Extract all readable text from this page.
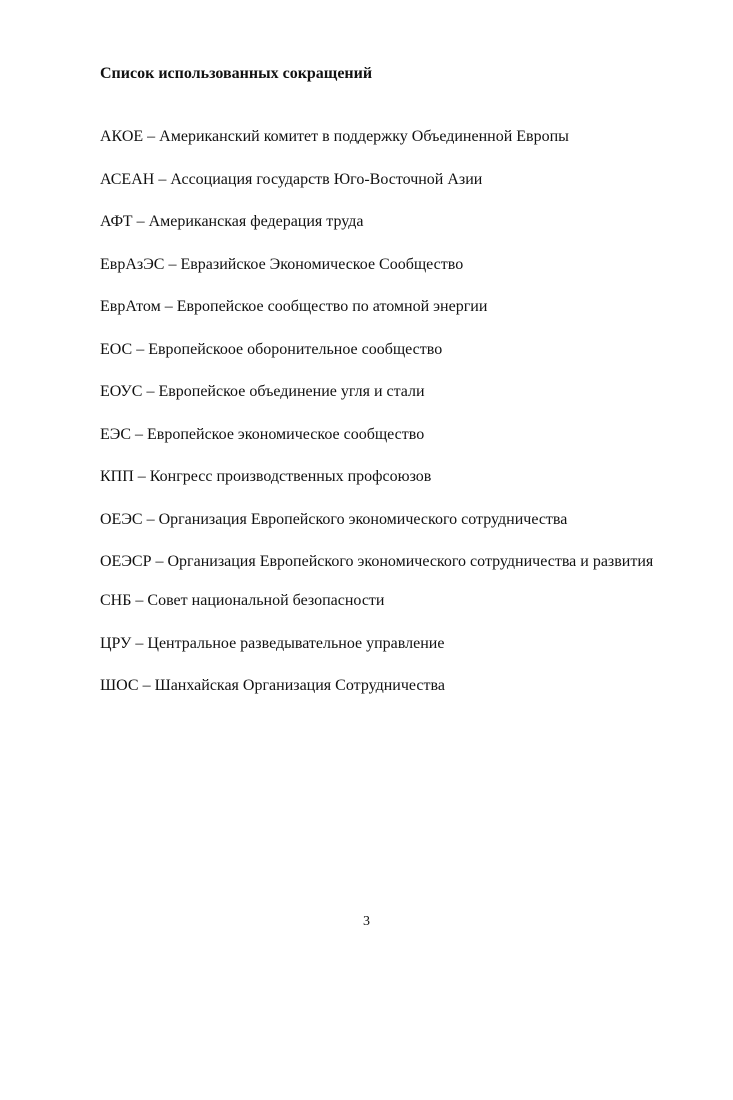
Список использованных сокращений
АКОЕ – Американский комитет в поддержку Объединенной Европы
АСЕАН – Ассоциация государств Юго-Восточной Азии
АФТ – Американская федерация труда
ЕврАзЭС – Евразийское Экономическое Сообщество
ЕврАтом – Европейское сообщество по атомной энергии
ЕОС – Европейскоое оборонительное сообщество
ЕОУС – Европейское объединение угля и стали
ЕЭС – Европейское экономическое сообщество
КПП – Конгресс производственных профсоюзов
ОЕЭС – Организация Европейского экономического сотрудничества
ОЕЭСР – Организация Европейского экономического сотрудничества и развития
СНБ – Совет национальной безопасности
ЦРУ – Центральное разведывательное управление
ШОС – Шанхайская Организация Сотрудничества
3
